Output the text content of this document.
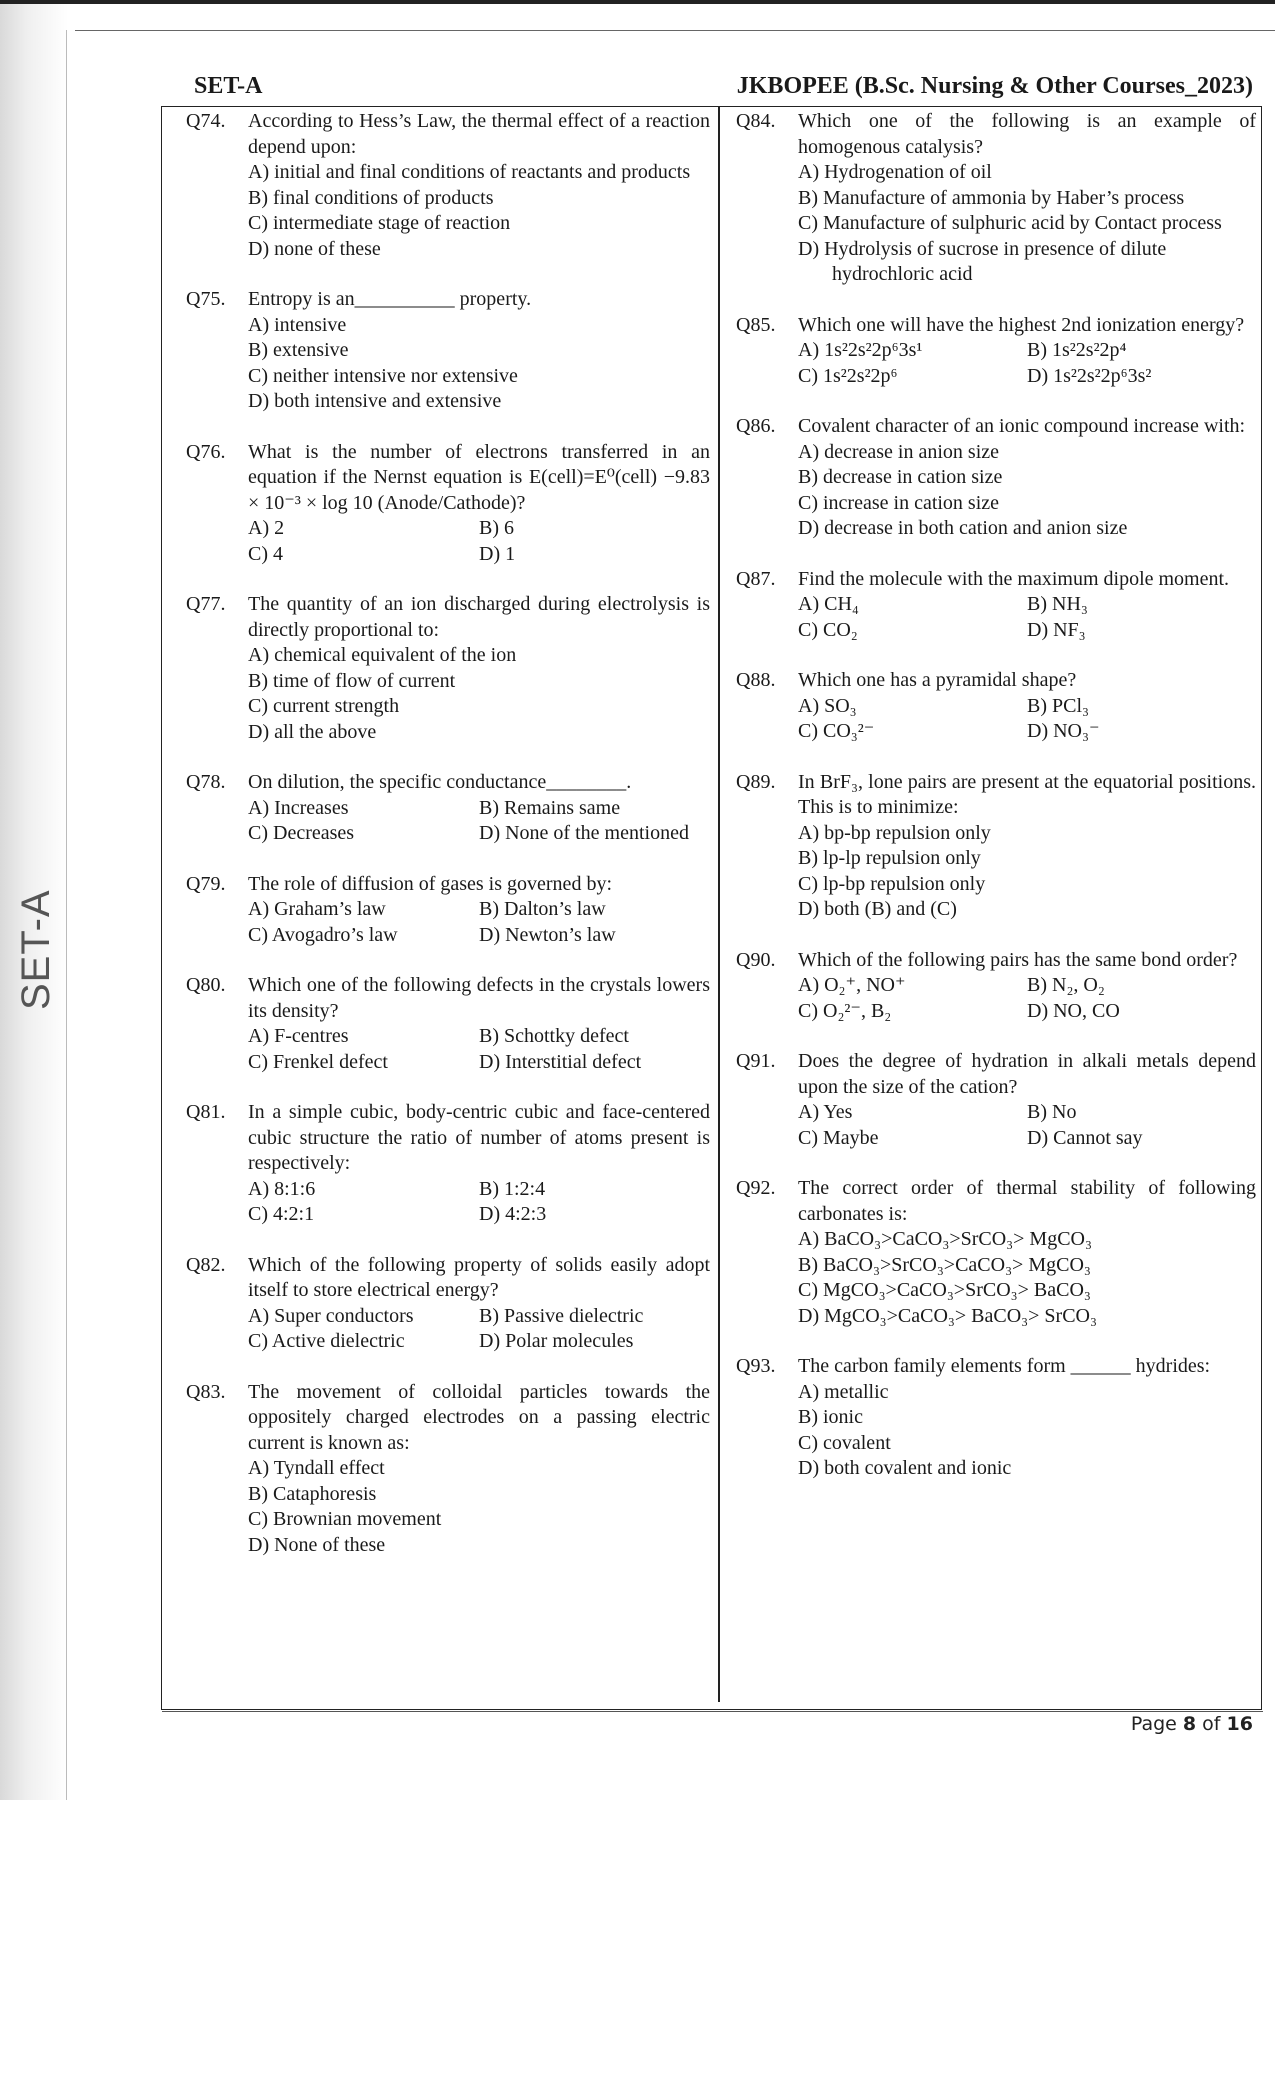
SET-A
SET-A	JKBOPEE (B.Sc. Nursing & Other Courses_2023)
Q74.	According to Hess’s Law, the thermal effect of a reaction depend upon:
A) initial and final conditions of reactants and products
B) final conditions of products
C) intermediate stage of reaction
D) none of these
Q75.	Entropy is an__________ property.
A) intensive
B) extensive
C) neither intensive nor extensive
D) both intensive and extensive
Q76.	What is the number of electrons transferred in an equation if the Nernst equation is E(cell)=E⁰(cell) −9.83 × 10⁻³ × log 10 (Anode/Cathode)?
A) 2	B) 6
C) 4	D) 1
Q77.	The quantity of an ion discharged during electrolysis is directly proportional to:
A) chemical equivalent of the ion
B) time of flow of current
C) current strength
D) all the above
Q78.	On dilution, the specific conductance________.
A) Increases	B) Remains same
C) Decreases	D) None of the mentioned
Q79.	The role of diffusion of gases is governed by:
A) Graham’s law	B) Dalton’s law
C) Avogadro’s law	D) Newton’s law
Q80.	Which one of the following defects in the crystals lowers its density?
A) F-centres	B) Schottky defect
C) Frenkel defect	D) Interstitial defect
Q81.	In a simple cubic, body-centric cubic and face-centered cubic structure the ratio of number of atoms present is respectively:
A) 8:1:6	B) 1:2:4
C) 4:2:1	D) 4:2:3
Q82.	Which of the following property of solids easily adopt itself to store electrical energy?
A) Super conductors	B) Passive dielectric
C) Active dielectric	D) Polar molecules
Q83.	The movement of colloidal particles towards the oppositely charged electrodes on a passing electric current is known as:
A) Tyndall effect
B) Cataphoresis
C) Brownian movement
D) None of these
Q84.	Which one of the following is an example of homogenous catalysis?
A) Hydrogenation of oil
B) Manufacture of ammonia by Haber’s process
C) Manufacture of sulphuric acid by Contact process
D) Hydrolysis of sucrose in presence of dilute hydrochloric acid
Q85.	Which one will have the highest 2nd ionization energy?
A) 1s²2s²2p⁶3s¹	B) 1s²2s²2p⁴
C) 1s²2s²2p⁶	D) 1s²2s²2p⁶3s²
Q86.	Covalent character of an ionic compound increase with:
A) decrease in anion size
B) decrease in cation size
C) increase in cation size
D) decrease in both cation and anion size
Q87.	Find the molecule with the maximum dipole moment.
A) CH₄	B) NH₃
C) CO₂	D) NF₃
Q88.	Which one has a pyramidal shape?
A) SO₃	B) PCl₃
C) CO₃²⁻	D) NO₃⁻
Q89.	In BrF₃, lone pairs are present at the equatorial positions. This is to minimize:
A) bp-bp repulsion only
B) lp-lp repulsion only
C) lp-bp repulsion only
D) both (B) and (C)
Q90.	Which of the following pairs has the same bond order?
A) O₂⁺, NO⁺	B) N₂, O₂
C) O₂²⁻, B₂	D) NO, CO
Q91.	Does the degree of hydration in alkali metals depend upon the size of the cation?
A) Yes	B) No
C) Maybe	D) Cannot say
Q92.	The correct order of thermal stability of following carbonates is:
A) BaCO₃>CaCO₃>SrCO₃> MgCO₃
B) BaCO₃>SrCO₃>CaCO₃> MgCO₃
C) MgCO₃>CaCO₃>SrCO₃> BaCO₃
D) MgCO₃>CaCO₃> BaCO₃> SrCO₃
Q93.	The carbon family elements form ______ hydrides:
A) metallic
B) ionic
C) covalent
D) both covalent and ionic
Page 8 of 16
